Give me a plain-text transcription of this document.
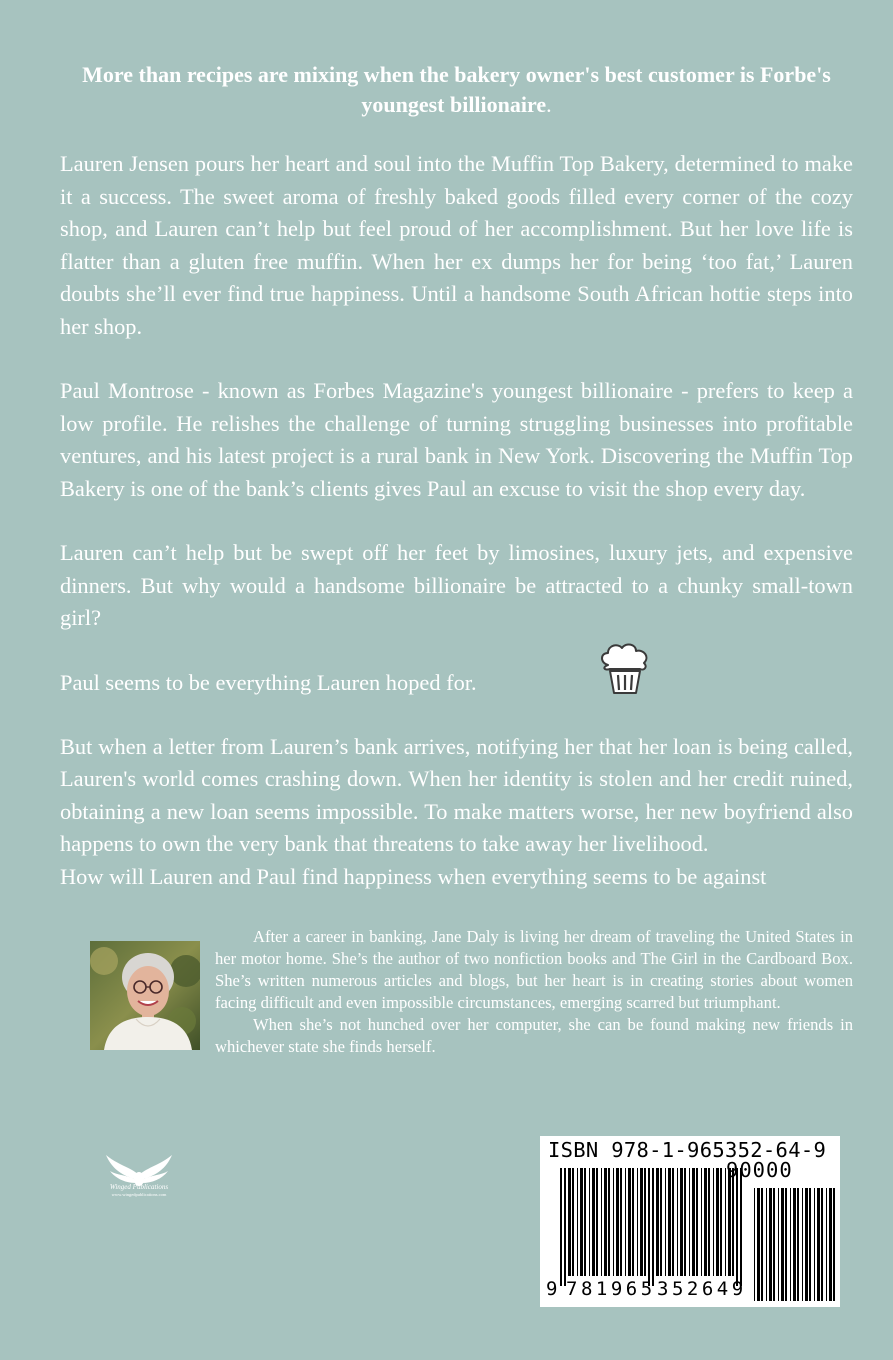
More than recipes are mixing when the bakery owner's best customer is Forbe's youngest billionaire.

Lauren Jensen pours her heart and soul into the Muffin Top Bakery, determined to make it a success. The sweet aroma of freshly baked goods filled every corner of the cozy shop, and Lauren can’t help but feel proud of her accomplishment. But her love life is flatter than a gluten free muffin. When her ex dumps her for being ‘too fat,’ Lauren doubts she’ll ever find true happiness. Until a handsome South African hottie steps into her shop.

Paul Montrose - known as Forbes Magazine's youngest billionaire - prefers to keep a low profile. He relishes the challenge of turning struggling businesses into profitable ventures, and his latest project is a rural bank in New York. Discovering the Muffin Top Bakery is one of the bank’s clients gives Paul an excuse to visit the shop every day.

Lauren can’t help but be swept off her feet by limosines, luxury jets, and expensive dinners. But why would a handsome billionaire be attracted to a chunky small-town girl?

Paul seems to be everything Lauren hoped for.

But when a letter from Lauren’s bank arrives, notifying her that her loan is being called, Lauren's world comes crashing down. When her identity is stolen and her credit ruined, obtaining a new loan seems impossible. To make matters worse, her new boyfriend also happens to own the very bank that threatens to take away her livelihood.

How will Lauren and Paul find happiness when everything seems to be against

After a career in banking, Jane Daly is living her dream of traveling the United States in her motor home. She’s the author of two nonfiction books and The Girl in the Cardboard Box. She’s written numerous articles and blogs, but her heart is in creating stories about women facing difficult and even impossible circumstances, emerging scarred but triumphant.

When she’s not hunched over her computer, she can be found making new friends in whichever state she finds herself.

Winged Publications
www.wingedpublications.com
ISBN 978-1-965352-64-9
9 781965 352649
90000
